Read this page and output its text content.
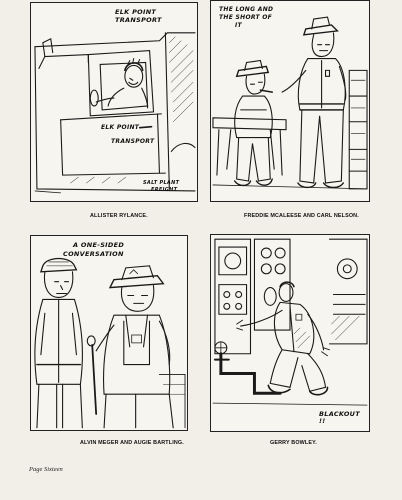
ELK POINT
TRANSPORT
ELK POINT
TRANSPORT
SALT PLANT
FREIGHT
ALLISTER RYLANCE.
THE LONG AND
THE SHORT OF
IT
FREDDIE MCALEESE AND CARL NELSON.
A ONE-SIDED
CONVERSATION
ALVIN MEGER AND AUGIE BARTLING.
BLACKOUT !!
GERRY BOWLEY.
Page Sixteen
